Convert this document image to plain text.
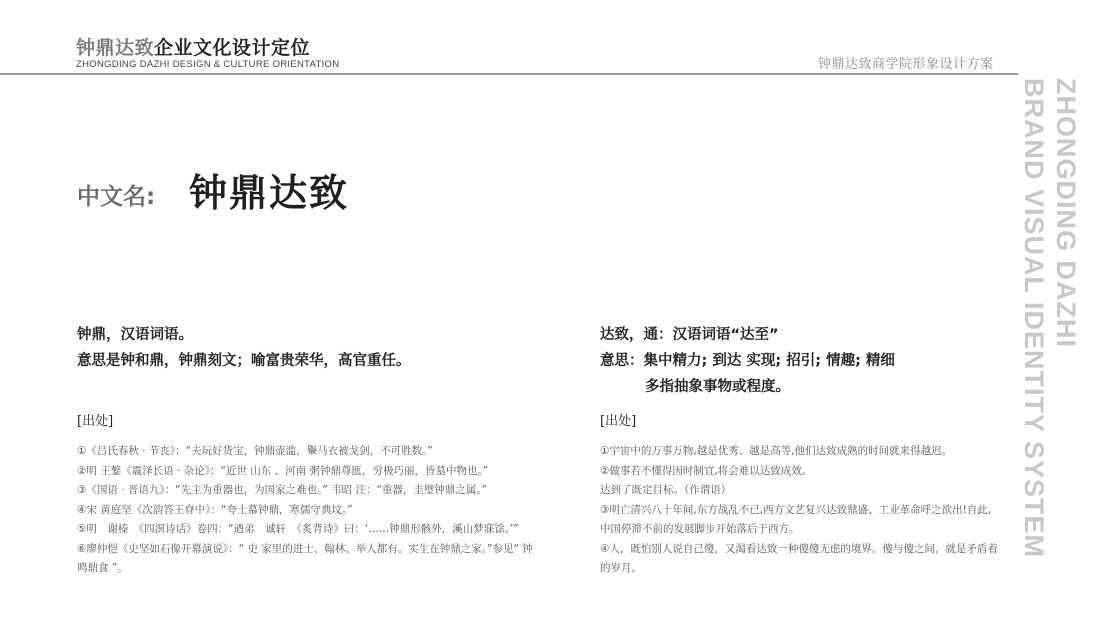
钟鼎达致企业文化设计定位
ZHONGDING DAZHI DESIGN & CULTURE ORIENTATION	钟鼎达致商学院形象设计方案
ZHONGDING DAZHI
BRAND VISUAL IDENTITY SYSTEM
中文名: 钟鼎达致

钟鼎，汉语词语。

意思是钟和鼎，钟鼎刻文；喻富贵荣华，高官重任。

[出处]

①《吕氏春秋 · 节丧》：“夫玩好货宝，钟鼎壶滥，轝马衣被戈剑，不可胜数。”
②明 王鏊《震泽长语 · 杂论》：“近世 山东 、河南 粥钟鼎尊匜，穷极巧丽，皆墓中物也。”
③《国语 · 晋语九》：“先主为重器也，为国家之难也。” 韦昭 注：“重器，圭璧钟鼎之属。”
④宋 黄庭坚《次韵答王眘中》：“夸士慕钟鼎，寒儒守典坟。”
⑤明　谢榛　《四溟诗话》卷四：“迺弟　诚轩　《炙背诗》曰：‘……钟鼎形骸外，溪山梦寐馀。’”
⑥廖仲恺《史坚如石像开幕演说》：“ 史 家里的进士、翰林、举人都有。实生在钟鼎之家。”参见“ 钟鸣鼎食 ”。

达致，通：汉语词语“达至”

意思：集中精力; 到达 实现; 招引; 情趣; 精细

多指抽象事物或程度。

[出处]

①宇宙中的万事万物,越是优秀、越是高等,他们达致成熟的时间就来得越迟。
②做事若不懂得因时制宜,将会难以达致成效。
达到了既定目标。（作谓语）
③明亡清兴八十年间,东方战乱不已,西方文艺复兴达致鼎盛、工业革命呼之欲出!自此,中国停滞不前的发展脚步开始落后于西方。
④人，既怕别人说自己傻，又渴看达致一种傻傻无虑的境界。傻与傻之间，就是矛盾着的岁月。
